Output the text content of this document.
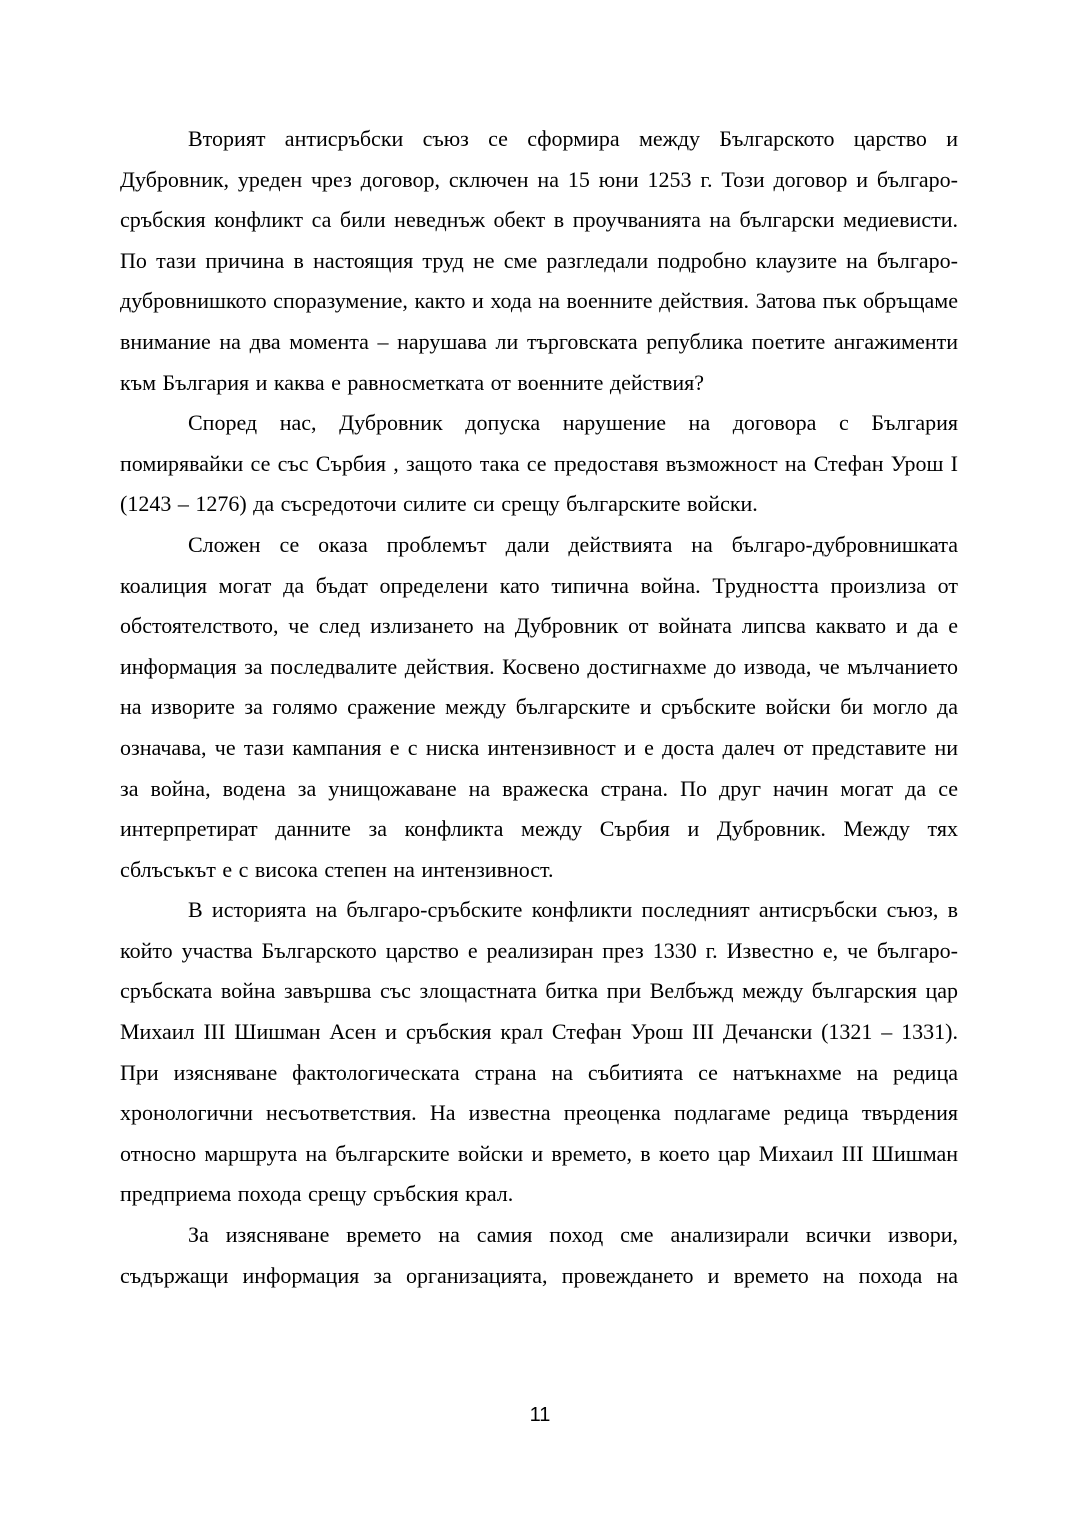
Вторият антисръбски съюз се сформира между Българското царство и Дубровник, уреден чрез договор, сключен на 15 юни 1253 г. Този договор и българо-сръбския конфликт са били неведнъж обект в проучванията на български медиевисти. По тази причина в настоящия труд не сме разгледали подробно клаузите на българо-дубровнишкото споразумение, както и хода на военните действия. Затова пък обръщаме внимание на два момента – нарушава ли търговската република поетите ангажименти към България и каква е равносметката от военните действия?

Според нас, Дубровник допуска нарушение на договора с България помирявайки се със Сърбия , защото така се предоставя възможност на Стефан Урош I (1243 – 1276) да съсредоточи силите си срещу българските войски.

Сложен се оказа проблемът дали действията на българо-дубровнишката коалиция могат да бъдат определени като типична война. Трудността произлиза от обстоятелството, че след излизането на Дубровник от войната липсва каквато и да е информация за последвалите действия. Косвено достигнахме до извода, че мълчанието на изворите за голямо сражение между българските и сръбските войски би могло да означава, че тази кампания е с ниска интензивност и е доста далеч от представите ни за война, водена за унищожаване на вражеска страна. По друг начин могат да се интерпретират данните за конфликта между Сърбия и Дубровник. Между тях сблъсъкът е с висока степен на интензивност.

В историята на българо-сръбските конфликти последният антисръбски съюз, в който участва Българското царство е реализиран през 1330 г. Известно е, че българо-сръбската война завършва със злощастната битка при Велбъжд между българския цар Михаил III Шишман Асен и сръбския крал Стефан Урош III Дечански (1321 – 1331). При изясняване фактологическата страна на събитията се натъкнахме на редица хронологични несъответствия. На известна преоценка подлагаме редица твърдения относно маршрута на българските войски и времето, в което цар Михаил III Шишман предприема похода срещу сръбския крал.

За изясняване времето на самия поход сме анализирали всички извори, съдържащи информация за организацията, провеждането и времето на похода на

11
